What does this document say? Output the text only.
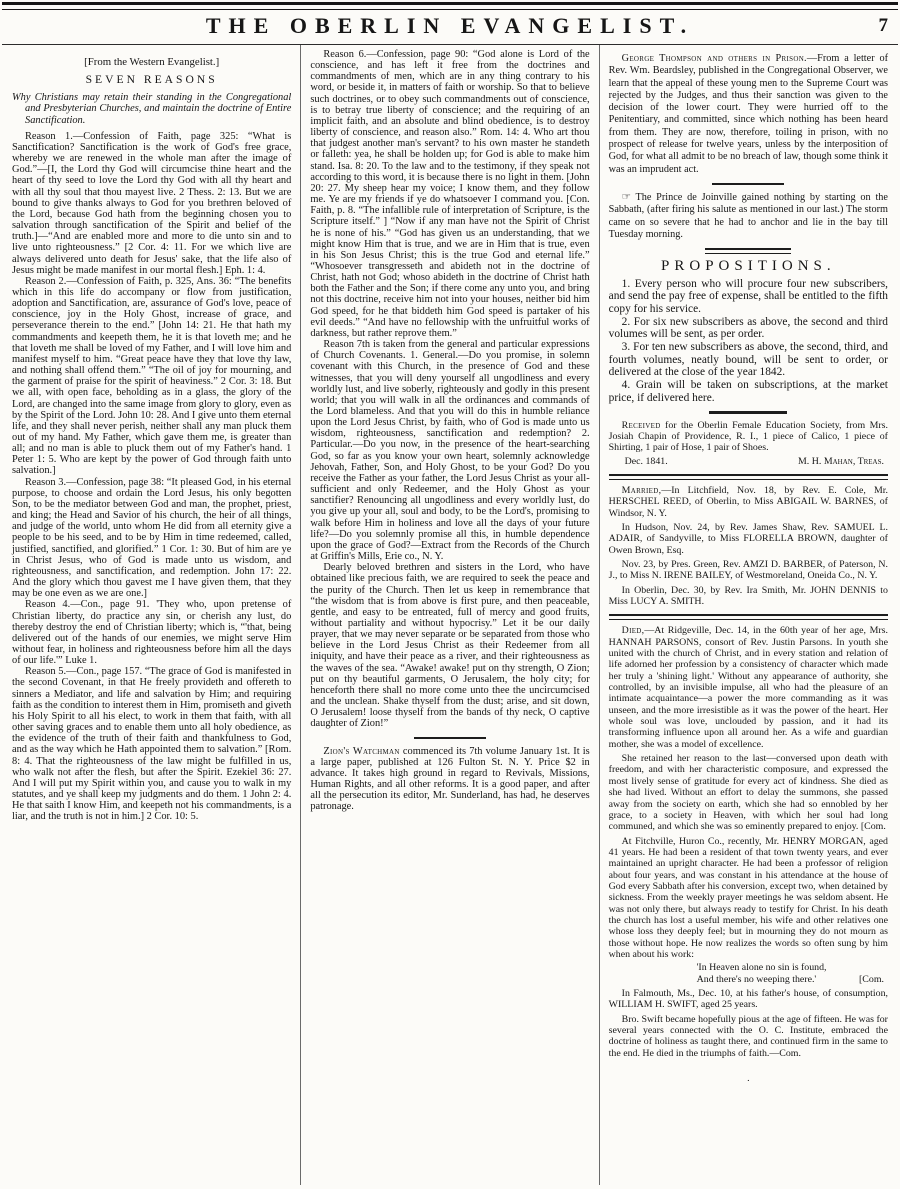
THE OBERLIN EVANGELIST.	7
[From the Western Evangelist.]
SEVEN REASONS
Why Christians may retain their standing in the Congregational and Presbyterian Churches, and maintain the doctrine of Entire Sanctification.
Reason 1.—Confession of Faith, page 325: “What is Sanctification? Sanctification is the work of God's free grace, whereby we are renewed in the whole man after the image of God.”—[I, the Lord thy God will circumcise thine heart and the heart of thy seed to love the Lord thy God with all thy heart and with all thy soul that thou mayest live. 2 Thess. 2: 13. But we are bound to give thanks always to God for you brethren beloved of the Lord, because God hath from the beginning chosen you to salvation through sanctification of the Spirit and belief of the truth.]—“And are enabled more and more to die unto sin and to live unto righteousness.” [2 Cor. 4: 11. For we which live are always delivered unto death for Jesus' sake, that the life also of Jesus might be made manifest in our mortal flesh.] Eph. 1: 4.
Reason 2.—Confession of Faith, p. 325, Ans. 36: “The benefits which in this life do accompany or flow from justification, adoption and Sanctification, are, assurance of God's love, peace of conscience, joy in the Holy Ghost, increase of grace, and perseverance therein to the end.” [John 14: 21. He that hath my commandments and keepeth them, he it is that loveth me; and he that loveth me shall be loved of my Father, and I will love him and manifest myself to him. “Great peace have they that love thy law, and nothing shall offend them.” “The oil of joy for mourning, and the garment of praise for the spirit of heaviness.” 2 Cor. 3: 18. But we all, with open face, beholding as in a glass, the glory of the Lord, are changed into the same image from glory to glory, even as by the Spirit of the Lord. John 10: 28. And I give unto them eternal life, and they shall never perish, neither shall any man pluck them out of my hand. My Father, which gave them me, is greater than all; and no man is able to pluck them out of my Father's hand. 1 Peter 1: 5. Who are kept by the power of God through faith unto salvation.]
Reason 3.—Confession, page 38: “It pleased God, in his eternal purpose, to choose and ordain the Lord Jesus, his only begotten Son, to be the mediator between God and man, the prophet, priest, and king; the Head and Savior of his church, the heir of all things, and judge of the world, unto whom He did from all eternity give a people to be his seed, and to be by Him in time redeemed, called, justified, sanctified, and glorified.” 1 Cor. 1: 30. But of him are ye in Christ Jesus, who of God is made unto us wisdom, and righteousness, and sanctification, and redemption. John 17: 22. And the glory which thou gavest me I have given them, that they may be one even as we are one.]
Reason 4.—Con., page 91. 'They who, upon pretense of Christian liberty, do practice any sin, or cherish any lust, do thereby destroy the end of Christian liberty; which is, “'that, being delivered out of the hands of our enemies, we might serve Him without fear, in holiness and righteousness before him all the days of our life.'” Luke 1.
Reason 5.—Con., page 157. “The grace of God is manifested in the second Covenant, in that He freely provideth and offereth to sinners a Mediator, and life and salvation by Him; and requiring faith as the condition to interest them in Him, promiseth and giveth his Holy Spirit to all his elect, to work in them that faith, with all other saving graces and to enable them unto all holy obedience, as the evidence of the truth of their faith and thankfulness to God, and as the way which he Hath appointed them to salvation.” [Rom. 8: 4. That the righteousness of the law might be fulfilled in us, who walk not after the flesh, but after the Spirit. Ezekiel 36: 27. And I will put my Spirit within you, and cause you to walk in my statutes, and ye shall keep my judgments and do them. 1 John 2: 4. He that saith I know Him, and keepeth not his commandments, is a liar, and the truth is not in him.] 2 Cor. 10: 5.
Reason 6.—Confession, page 90: “God alone is Lord of the conscience, and has left it free from the doctrines and commandments of men, which are in any thing contrary to his word, or beside it, in matters of faith or worship. So that to believe such doctrines, or to obey such commandments out of conscience, is to betray true liberty of conscience; and the requiring of an implicit faith, and an absolute and blind obedience, is to destroy liberty of conscience, and reason also.” Rom. 14: 4. Who art thou that judgest another man's servant? to his own master he standeth or falleth: yea, he shall be holden up; for God is able to make him stand. Isa. 8: 20. To the law and to the testimony, if they speak not according to this word, it is because there is no light in them. [John 20: 27. My sheep hear my voice; I know them, and they follow me. Ye are my friends if ye do whatsoever I command you. [Con. Faith, p. 8. “The infallible rule of interpretation of Scripture, is the Scripture itself.” ] “Now if any man have not the Spirit of Christ he is none of his.” “God has given us an understanding, that we might know Him that is true, and we are in Him that is true, even in his Son Jesus Christ; this is the true God and eternal life.” “Whosoever transgresseth and abideth not in the doctrine of Christ, hath not God; whoso abideth in the doctrine of Christ hath both the Father and the Son; if there come any unto you, and bring not this doctrine, receive him not into your houses, neither bid him God speed, for he that biddeth him God speed is partaker of his evil deeds.” “And have no fellowship with the unfruitful works of darkness, but rather reprove them.”
Reason 7th is taken from the general and particular expressions of Church Covenants. 1. General.—Do you promise, in solemn covenant with this Church, in the presence of God and these witnesses, that you will deny yourself all ungodliness and every worldly lust, and live soberly, righteously and godly in this present world; that you will walk in all the ordinances and commands of the Lord blameless. And that you will do this in humble reliance upon the Lord Jesus Christ, by faith, who of God is made unto us wisdom, righteousness, sanctification and redemption? 2. Particular.—Do you now, in the presence of the heart-searching God, so far as you know your own heart, solemnly acknowledge Jehovah, Father, Son, and Holy Ghost, to be your God? Do you receive the Father as your father, the Lord Jesus Christ as your all-sufficient and only Redeemer, and the Holy Ghost as your sanctifier? Renouncing all ungodliness and every worldly lust, do you give up your all, soul and body, to be the Lord's, promising to walk before Him in holiness and love all the days of your future life?—Do you solemnly promise all this, in humble dependence upon the grace of God?—Extract from the Records of the Church at Griffin's Mills, Erie co., N. Y.
Dearly beloved brethren and sisters in the Lord, who have obtained like precious faith, we are required to seek the peace and the purity of the Church. Then let us keep in remembrance that “the wisdom that is from above is first pure, and then peaceable, gentle, and easy to be entreated, full of mercy and good fruits, without partiality and without hypocrisy.” Let it be our daily prayer, that we may never separate or be separated from those who believe in the Lord Jesus Christ as their Redeemer from all iniquity, and have their peace as a river, and their righteousness as the waves of the sea. “Awake! awake! put on thy strength, O Zion; put on thy beautiful garments, O Jerusalem, the holy city; for henceforth there shall no more come unto thee the uncircumcised and the unclean. Shake thyself from the dust; arise, and sit down, O Jerusalem! loose thyself from the bands of thy neck, O captive daughter of Zion!”
Zion's Watchman commenced its 7th volume January 1st. It is a large paper, published at 126 Fulton St. N. Y. Price $2 in advance. It takes high ground in regard to Revivals, Missions, Human Rights, and all other reforms. It is a good paper, and after all the persecution its editor, Mr. Sunderland, has had, he deserves patronage.
George Thompson and others in Prison.—From a letter of Rev. Wm. Beardsley, published in the Congregational Observer, we learn that the appeal of these young men to the Supreme Court was rejected by the Judges, and thus their sanction was given to the decision of the lower court. They were hurried off to the Penitentiary, and committed, since which nothing has been heard from them. They are now, therefore, toiling in prison, with no prospect of release for twelve years, unless by the interposition of God, for what all admit to be no breach of law, though some think it was an imprudent act.
☞ The Prince de Joinville gained nothing by starting on the Sabbath, (after firing his salute as mentioned in our last.) The storm came on so severe that he had to anchor and lie in the bay till Tuesday morning.
PROPOSITIONS.
1. Every person who will procure four new subscribers, and send the pay free of expense, shall be entitled to the fifth copy for his service.
2. For six new subscribers as above, the second and third volumes will be sent, as per order.
3. For ten new subscribers as above, the second, third, and fourth volumes, neatly bound, will be sent to order, or delivered at the close of the year 1842.
4. Grain will be taken on subscriptions, at the market price, if delivered here.
Received for the Oberlin Female Education Society, from Mrs. Josiah Chapin of Providence, R. I., 1 piece of Calico, 1 piece of Shirting, 1 pair of Hose, 1 pair of Shoes.
Dec. 1841.	M. H. Mahan, Treas.
Married,—In Litchfield, Nov. 18, by Rev. E. Cole, Mr. HERSCHEL REED, of Oberlin, to Miss ABIGAIL W. BARNES, of Windsor, N. Y.
In Hudson, Nov. 24, by Rev. James Shaw, Rev. SAMUEL L. ADAIR, of Sandyville, to Miss FLORELLA BROWN, daughter of Owen Brown, Esq.
Nov. 23, by Pres. Green, Rev. AMZI D. BARBER, of Paterson, N. J., to Miss N. IRENE BAILEY, of Westmoreland, Oneida Co., N. Y.
In Oberlin, Dec. 30, by Rev. Ira Smith, Mr. JOHN DENNIS to Miss LUCY A. SMITH.
Died,—At Ridgeville, Dec. 14, in the 60th year of her age, Mrs. HANNAH PARSONS, consort of Rev. Justin Parsons. In youth she united with the church of Christ, and in every station and relation of life adorned her profession by a consistency of character which made her truly a 'shining light.' Without any appearance of authority, she controlled, by an invisible impulse, all who had the pleasure of an intimate acquaintance—a power the more commanding as it was unseen, and the more irresistible as it was the power of the heart. Her whole soul was love, unclouded by passion, and it had its transforming influence upon all around her. As a wife and guardian mother, she was a model of excellence.
She retained her reason to the last—conversed upon death with freedom, and with her characteristic composure, and expressed the most lively sense of gratitude for every act of kindness. She died as she had lived. Without an effort to delay the summons, she passed away from the society on earth, which she had so ennobled by her grace, to a society in Heaven, with which her soul had long communed, and which she was so eminently prepared to enjoy. [Com.
At Fitchville, Huron Co., recently, Mr. HENRY MORGAN, aged 41 years. He had been a resident of that town twenty years, and ever maintained an upright character. He had been a professor of religion about four years, and was constant in his attendance at the house of God every Sabbath after his conversion, except two, when detained by sickness. From the weekly prayer meetings he was seldom absent. He was not only there, but always ready to testify for Christ. In his death the church has lost a useful member, his wife and other relatives one whose loss they deeply feel; but in mourning they do not mourn as those without hope. He now realizes the words so often sung by him when about his work:
'In Heaven alone no sin is found,
And there's no weeping there.'	[Com.
In Falmouth, Ms., Dec. 10, at his father's house, of consumption, WILLIAM H. SWIFT, aged 25 years.
Bro. Swift became hopefully pious at the age of fifteen. He was for several years connected with the O. C. Institute, embraced the doctrine of holiness as taught there, and continued firm in the same to the end. He died in the triumphs of faith.—Com.
.
